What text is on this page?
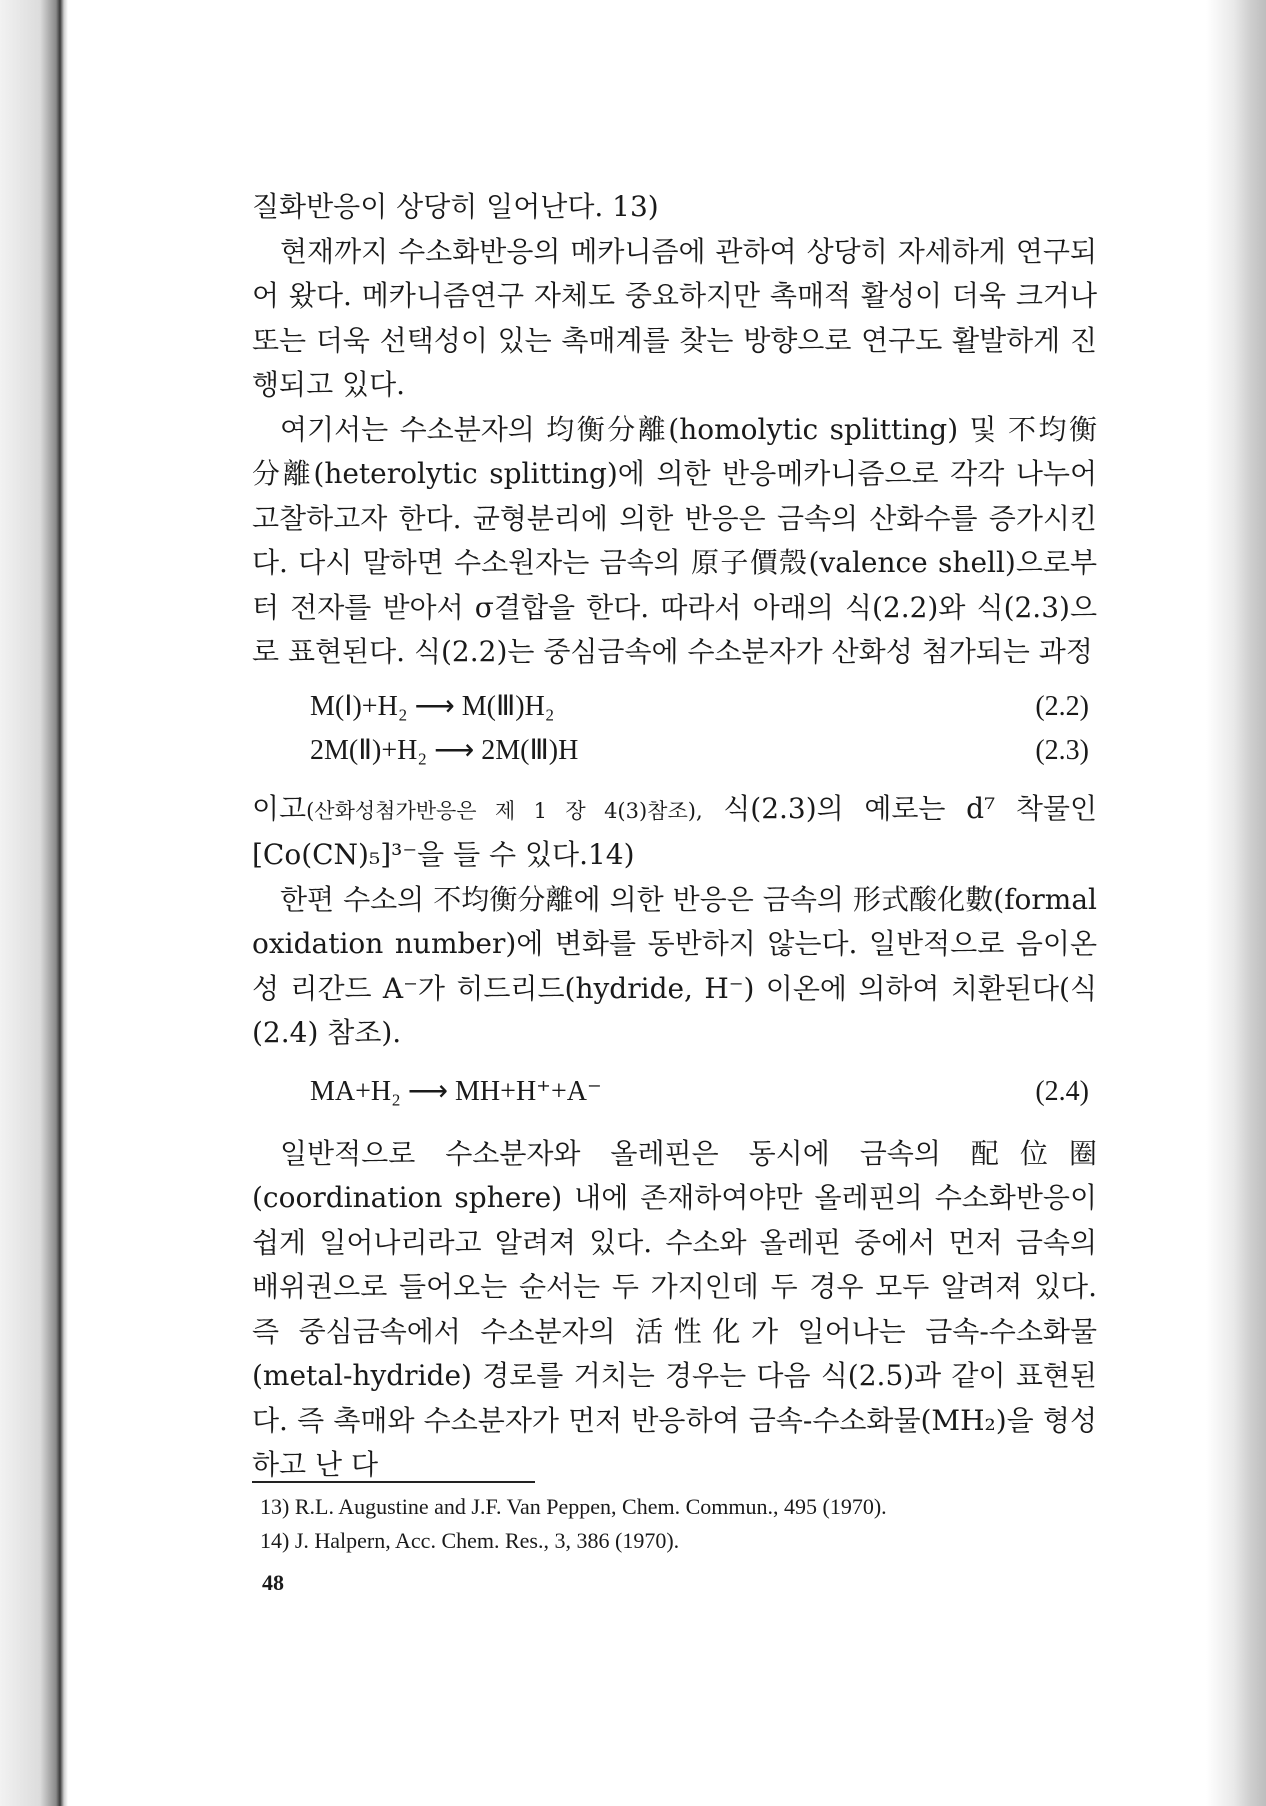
질화반응이 상당히 일어난다. 13)

현재까지 수소화반응의 메카니즘에 관하여 상당히 자세하게 연구되어 왔다. 메카니즘연구 자체도 중요하지만 촉매적 활성이 더욱 크거나 또는 더욱 선택성이 있는 촉매계를 찾는 방향으로 연구도 활발하게 진행되고 있다.

여기서는 수소분자의 均衡分離(homolytic splitting) 및 不均衡分離(heterolytic splitting)에 의한 반응메카니즘으로 각각 나누어 고찰하고자 한다. 균형분리에 의한 반응은 금속의 산화수를 증가시킨다. 다시 말하면 수소원자는 금속의 原子價殼(valence shell)으로부터 전자를 받아서 σ결합을 한다. 따라서 아래의 식(2.2)와 식(2.3)으로 표현된다. 식(2.2)는 중심금속에 수소분자가 산화성 첨가되는 과정

M(Ⅰ)+H₂ ⟶ M(Ⅲ)H₂	(2.2)
2M(Ⅱ)+H₂ ⟶ 2M(Ⅲ)H	(2.3)

이고(산화성첨가반응은 제 1 장 4(3)참조), 식(2.3)의 예로는 d⁷ 착물인 [Co(CN)₅]³⁻을 들 수 있다.14)

한편 수소의 不均衡分離에 의한 반응은 금속의 形式酸化數(formal oxidation number)에 변화를 동반하지 않는다. 일반적으로 음이온성 리간드 A⁻가 히드리드(hydride, H⁻) 이온에 의하여 치환된다(식(2.4) 참조).

MA+H₂ ⟶ MH+H⁺+A⁻	(2.4)

일반적으로 수소분자와 올레핀은 동시에 금속의 配位圈(coordination sphere) 내에 존재하여야만 올레핀의 수소화반응이 쉽게 일어나리라고 알려져 있다. 수소와 올레핀 중에서 먼저 금속의 배위권으로 들어오는 순서는 두 가지인데 두 경우 모두 알려져 있다. 즉 중심금속에서 수소분자의 活性化가 일어나는 금속-수소화물(metal-hydride) 경로를 거치는 경우는 다음 식(2.5)과 같이 표현된다. 즉 촉매와 수소분자가 먼저 반응하여 금속-수소화물(MH₂)을 형성하고 난 다

13) R.L. Augustine and J.F. Van Peppen, Chem. Commun., 495 (1970).
14) J. Halpern, Acc. Chem. Res., 3, 386 (1970).
48
